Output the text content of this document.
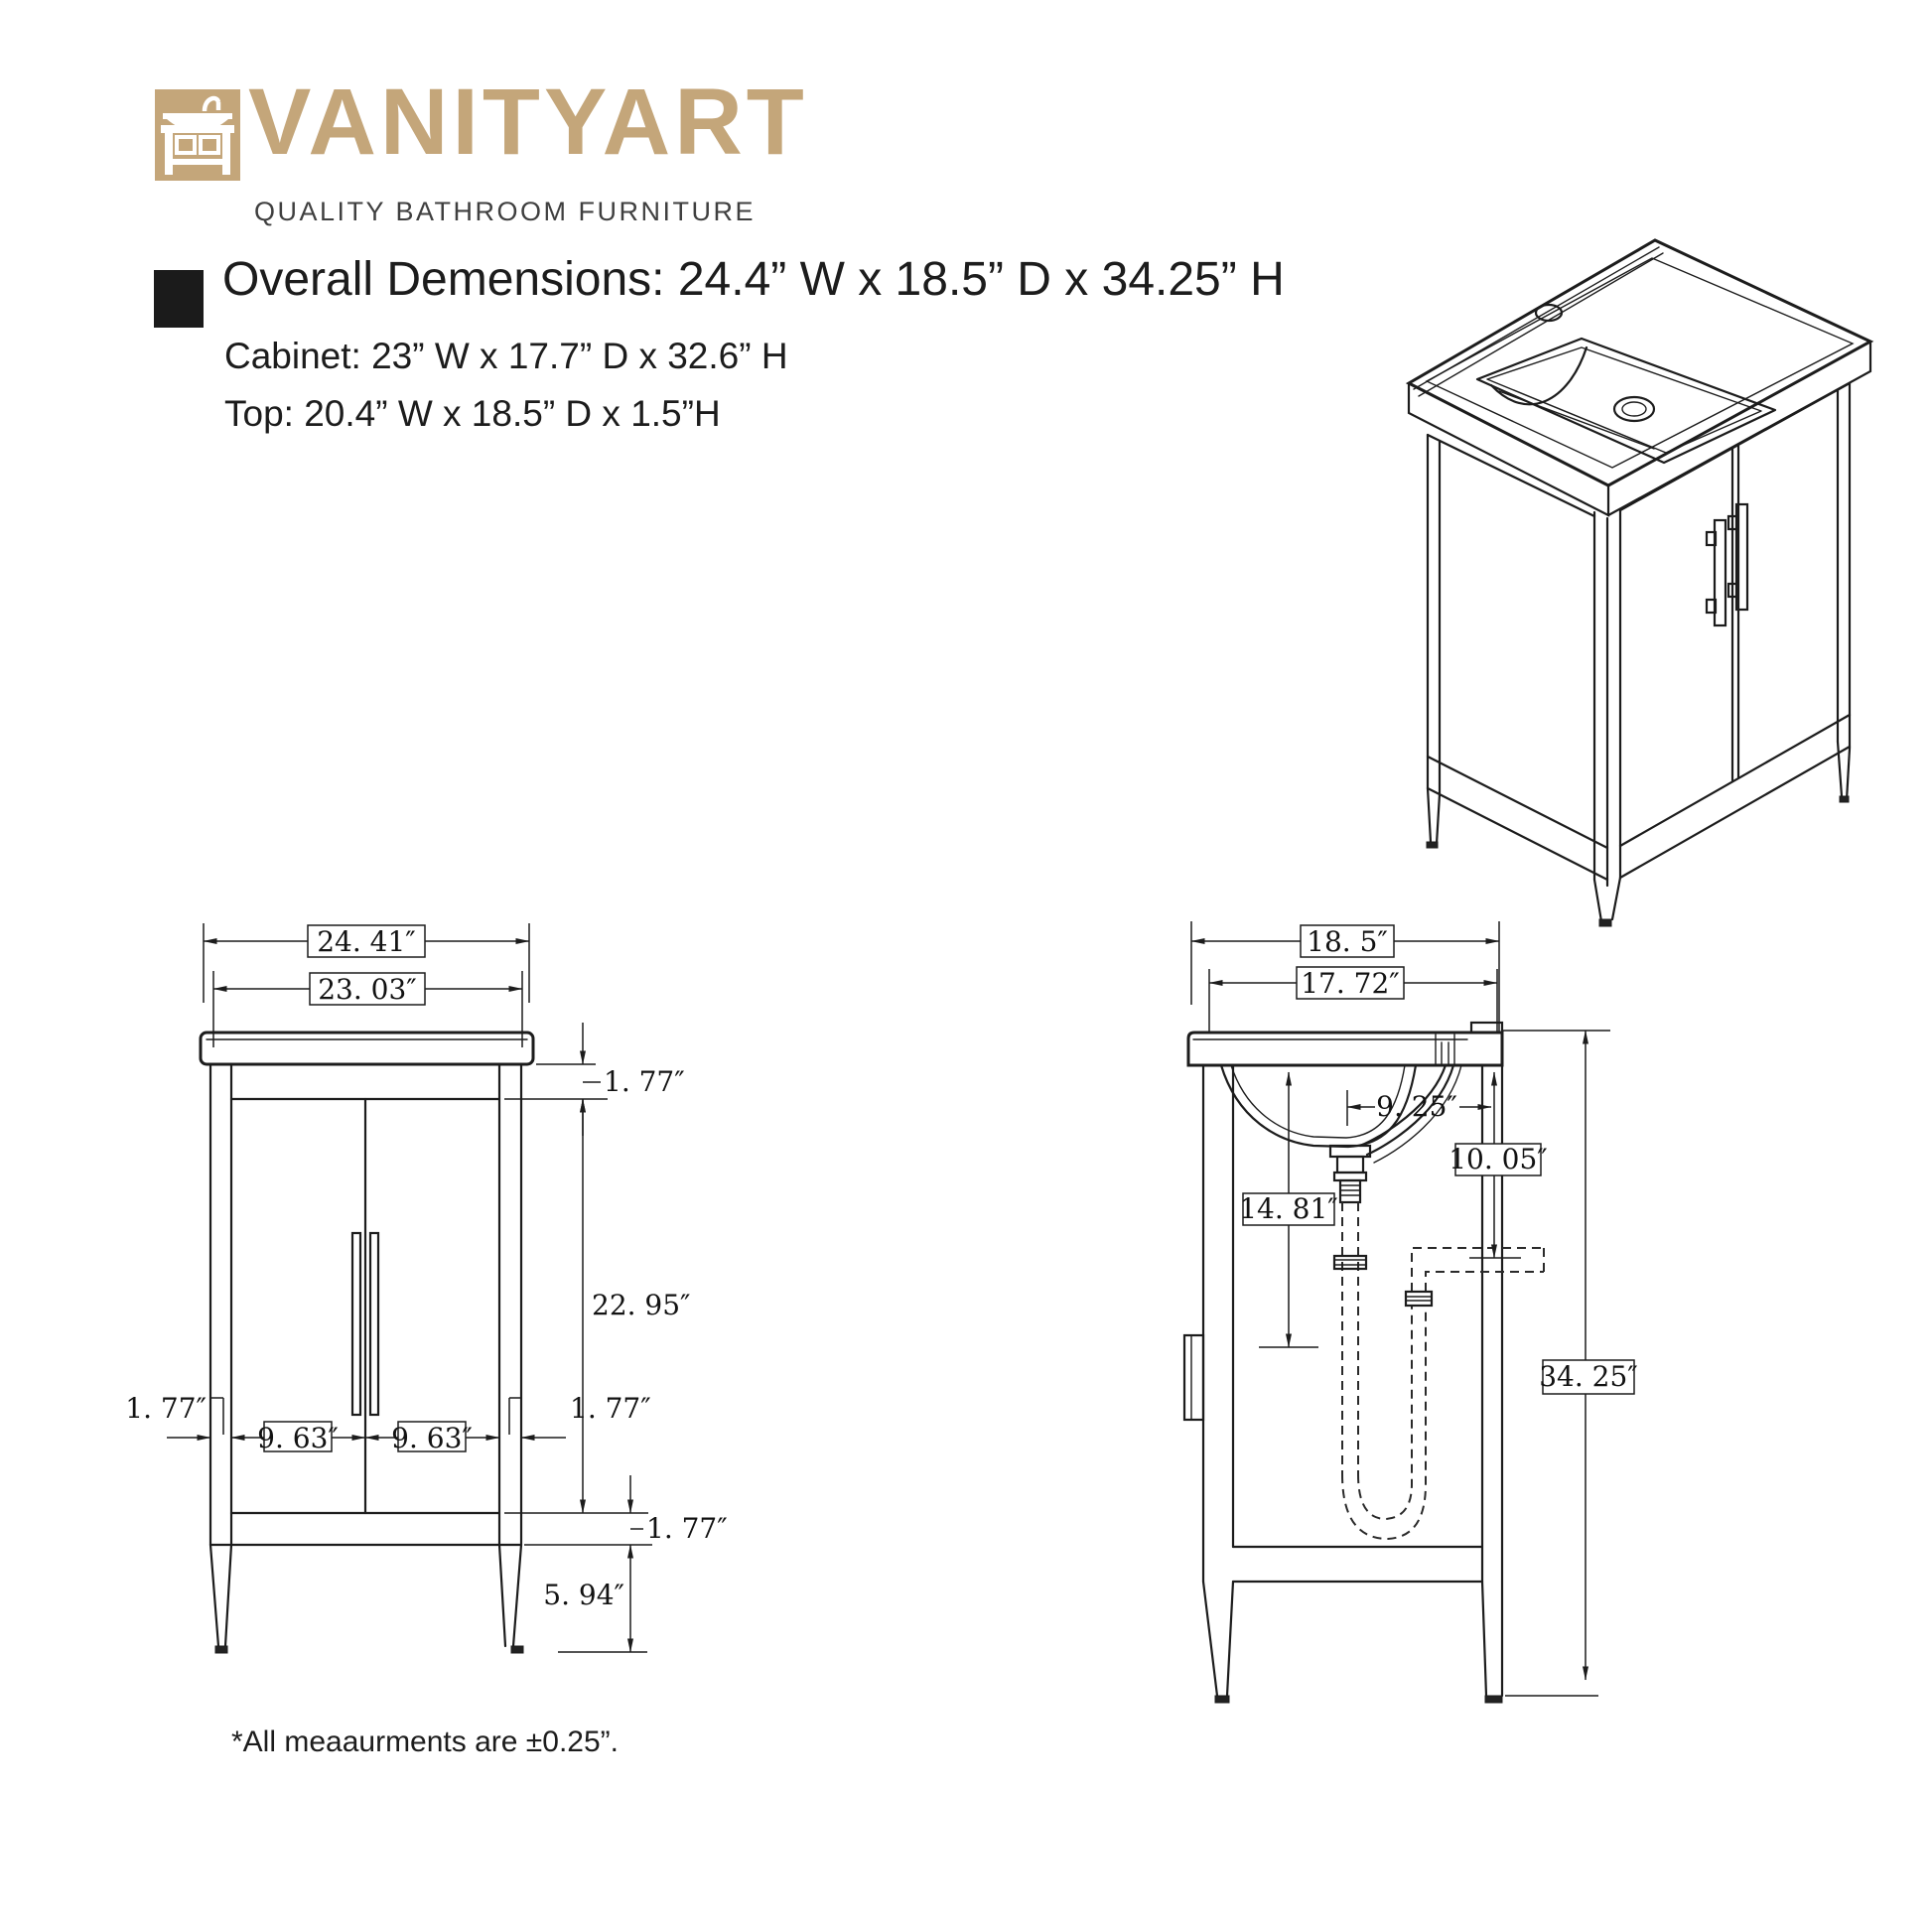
VANITYART
QUALITY BATHROOM FURNITURE
Overall Demensions: 24.4” W x 18.5” D x 34.25” H
Cabinet: 23” W x 17.7” D x 32.6” H
Top: 20.4” W x 18.5” D x 1.5”H
24. 41″
23. 03″
1. 77″
22. 95″
1. 77″
9. 63″ 9. 63″
1. 77″
1. 77″
5. 94″
18. 5″
17. 72″
9. 25″
10. 05″
14. 81″
34. 25″
*All meaaurments are ±0.25”.
